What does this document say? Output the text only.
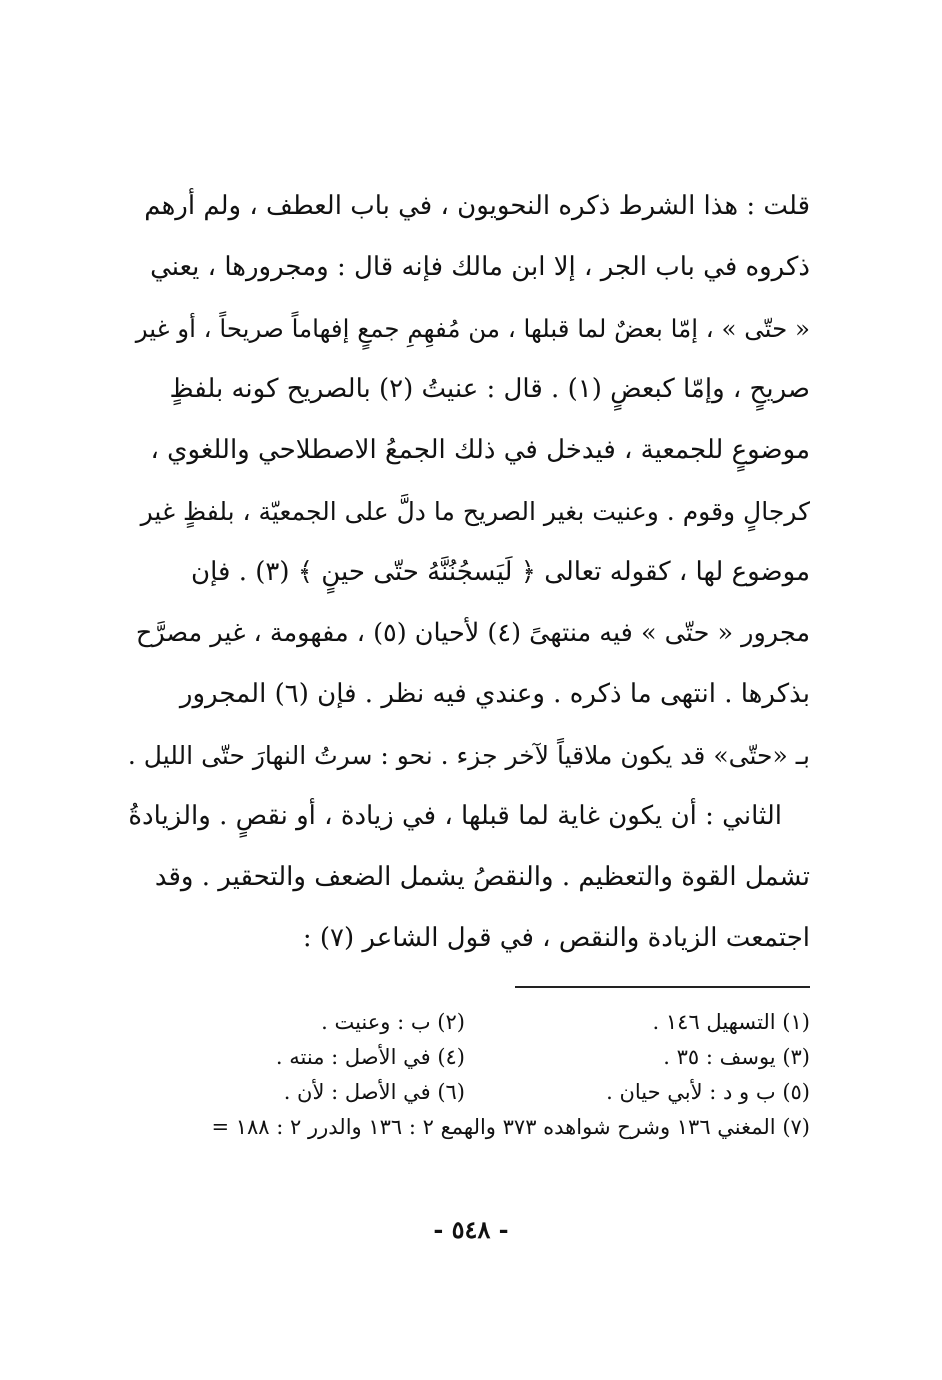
قلت : هذا الشرط ذكره النحويون ، في باب العطف ، ولم أرهم
ذكروه في باب الجر ، إلا ابن مالك فإنه قال : ومجرورها ، يعني
« حتّى » ، إمّا بعضٌ لما قبلها ، من مُفهِمِ جمعٍ إفهاماً صريحاً ، أو غير
صريحٍ ، وإمّا كبعضٍ (١) . قال : عنيتُ (٢) بالصريح كونه بلفظٍ
موضوعٍ للجمعية ، فيدخل في ذلك الجمعُ الاصطلاحي واللغوي ،
كرجالٍ وقوم . وعنيت بغير الصريح ما دلَّ على الجمعيّة ، بلفظٍ غير
موضوع لها ، كقوله تعالى ﴿ لَيَسجُنُنَّهُ حتّى حينٍ ﴾ (٣) . فإن
مجرور « حتّى » فيه منتهىً (٤) لأحيان (٥) ، مفهومة ، غير مصرَّح
بذكرها . انتهى ما ذكره . وعندي فيه نظر . فإن (٦) المجرور
بـ «حتّى» قد يكون ملاقياً لآخر جزء . نحو : سرتُ النهارَ حتّى الليل .
الثاني : أن يكون غاية لما قبلها ، في زيادة ، أو نقصٍ . والزيادةُ
تشمل القوة والتعظيم . والنقصُ يشمل الضعف والتحقير . وقد
اجتمعت الزيادة والنقص ، في قول الشاعر (٧) :
(١) التسهيل ١٤٦ .
(٢) ب : وعنيت .
(٣) يوسف : ٣٥ .
(٤) في الأصل : منته .
(٥) ب و د : لأبي حيان .
(٦) في الأصل : لأن .
(٧) المغني ١٣٦ وشرح شواهده ٣٧٣ والهمع ٢ : ١٣٦ والدرر ٢ : ١٨٨ =
- ٥٤٨ -
